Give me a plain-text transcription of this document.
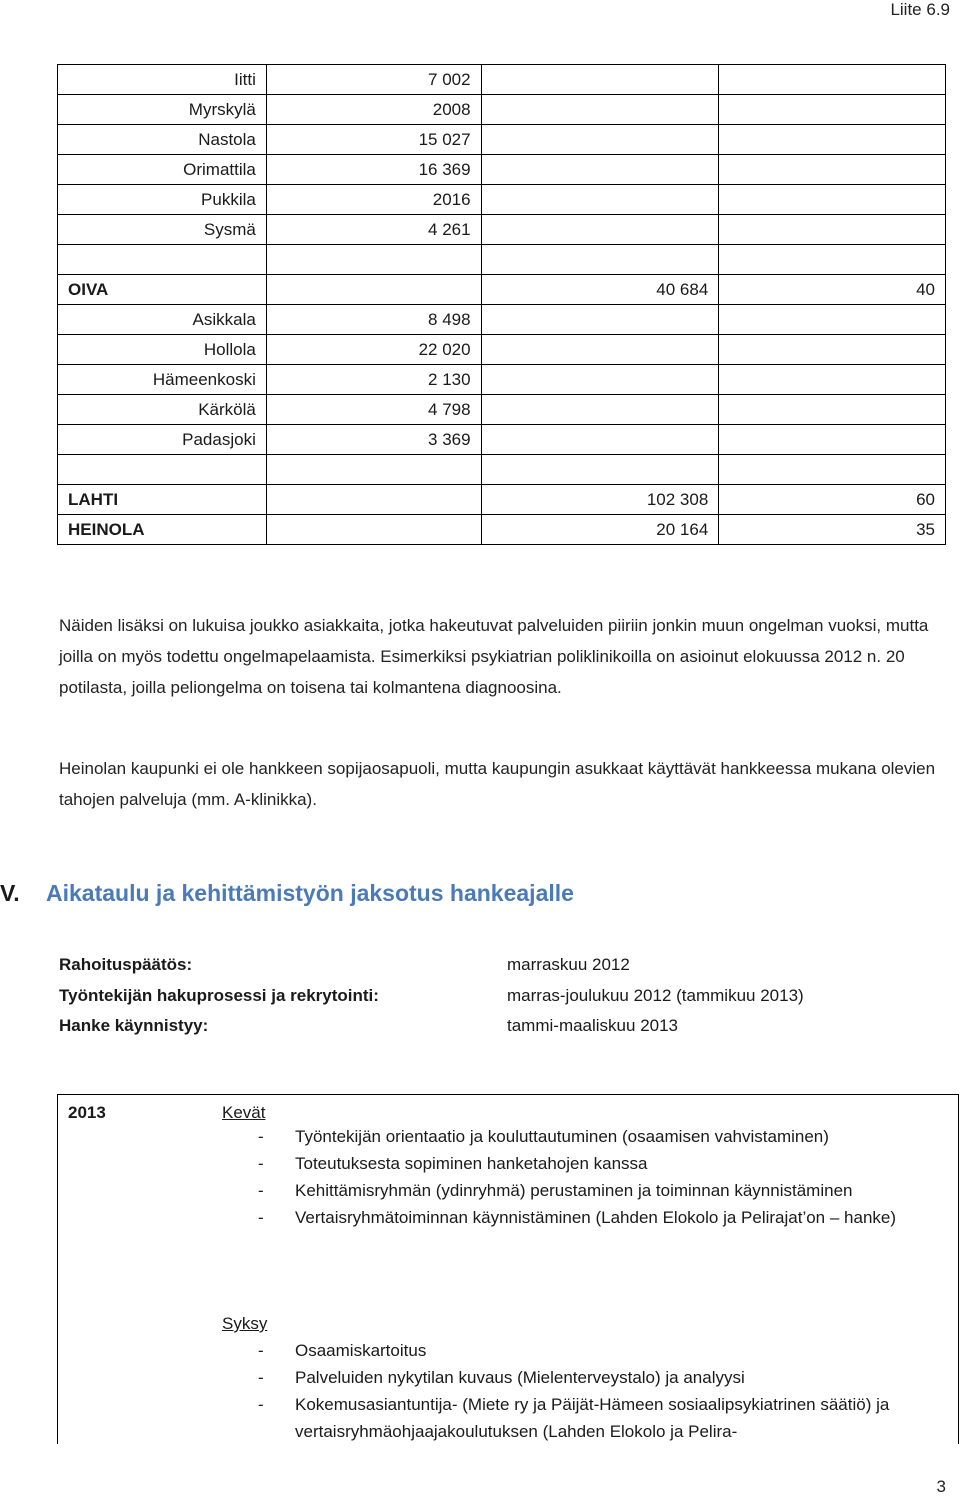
Liite 6.9
Iitti	7 002		
Myrskylä	2008		
Nastola	15 027		
Orimattila	16 369		
Pukkila	2016		
Sysmä	4 261		

OIVA		40 684	40
Asikkala	8 498		
Hollola	22 020		
Hämeenkoski	2 130		
Kärkölä	4 798		
Padasjoki	3 369		

LAHTI		102 308	60
HEINOLA		20 164	35
Näiden lisäksi on lukuisa joukko asiakkaita, jotka hakeutuvat palveluiden piiriin jonkin muun ongelman vuoksi, mutta joilla on myös todettu ongelmapelaamista. Esimerkiksi psykiatrian poliklinikoilla on asioinut elokuussa 2012 n. 20 potilasta, joilla peliongelma on toisena tai kolmantena diagnoosina.
Heinolan kaupunki ei ole hankkeen sopijaosapuoli, mutta kaupungin asukkaat käyttävät hankkeessa mukana olevien tahojen palveluja (mm. A-klinikka).
V. Aikataulu ja kehittämistyön jaksotus hankeajalle
Rahoituspäätös:	marraskuu 2012
Työntekijän hakuprosessi ja rekrytointi:	marras-joulukuu 2012 (tammikuu 2013)
Hanke käynnistyy:	tammi-maaliskuu 2013
2013	Kevät
- Työntekijän orientaatio ja kouluttautuminen (osaamisen vahvistaminen)
- Toteutuksesta sopiminen hanketahojen kanssa
- Kehittämisryhmän (ydinryhmä) perustaminen ja toiminnan käynnistäminen
- Vertaisryhmätoiminnan käynnistäminen (Lahden Elokolo ja Pelirajat’on – hanke)
Syksy
- Osaamiskartoitus
- Palveluiden nykytilan kuvaus (Mielenterveystalo) ja analyysi
- Kokemusasiantuntija- (Miete ry ja Päijät-Hämeen sosiaalipsykiatrinen säätiö) ja vertaisryhmäohjaajakoulutuksen (Lahden Elokolo ja Pelira-
3
